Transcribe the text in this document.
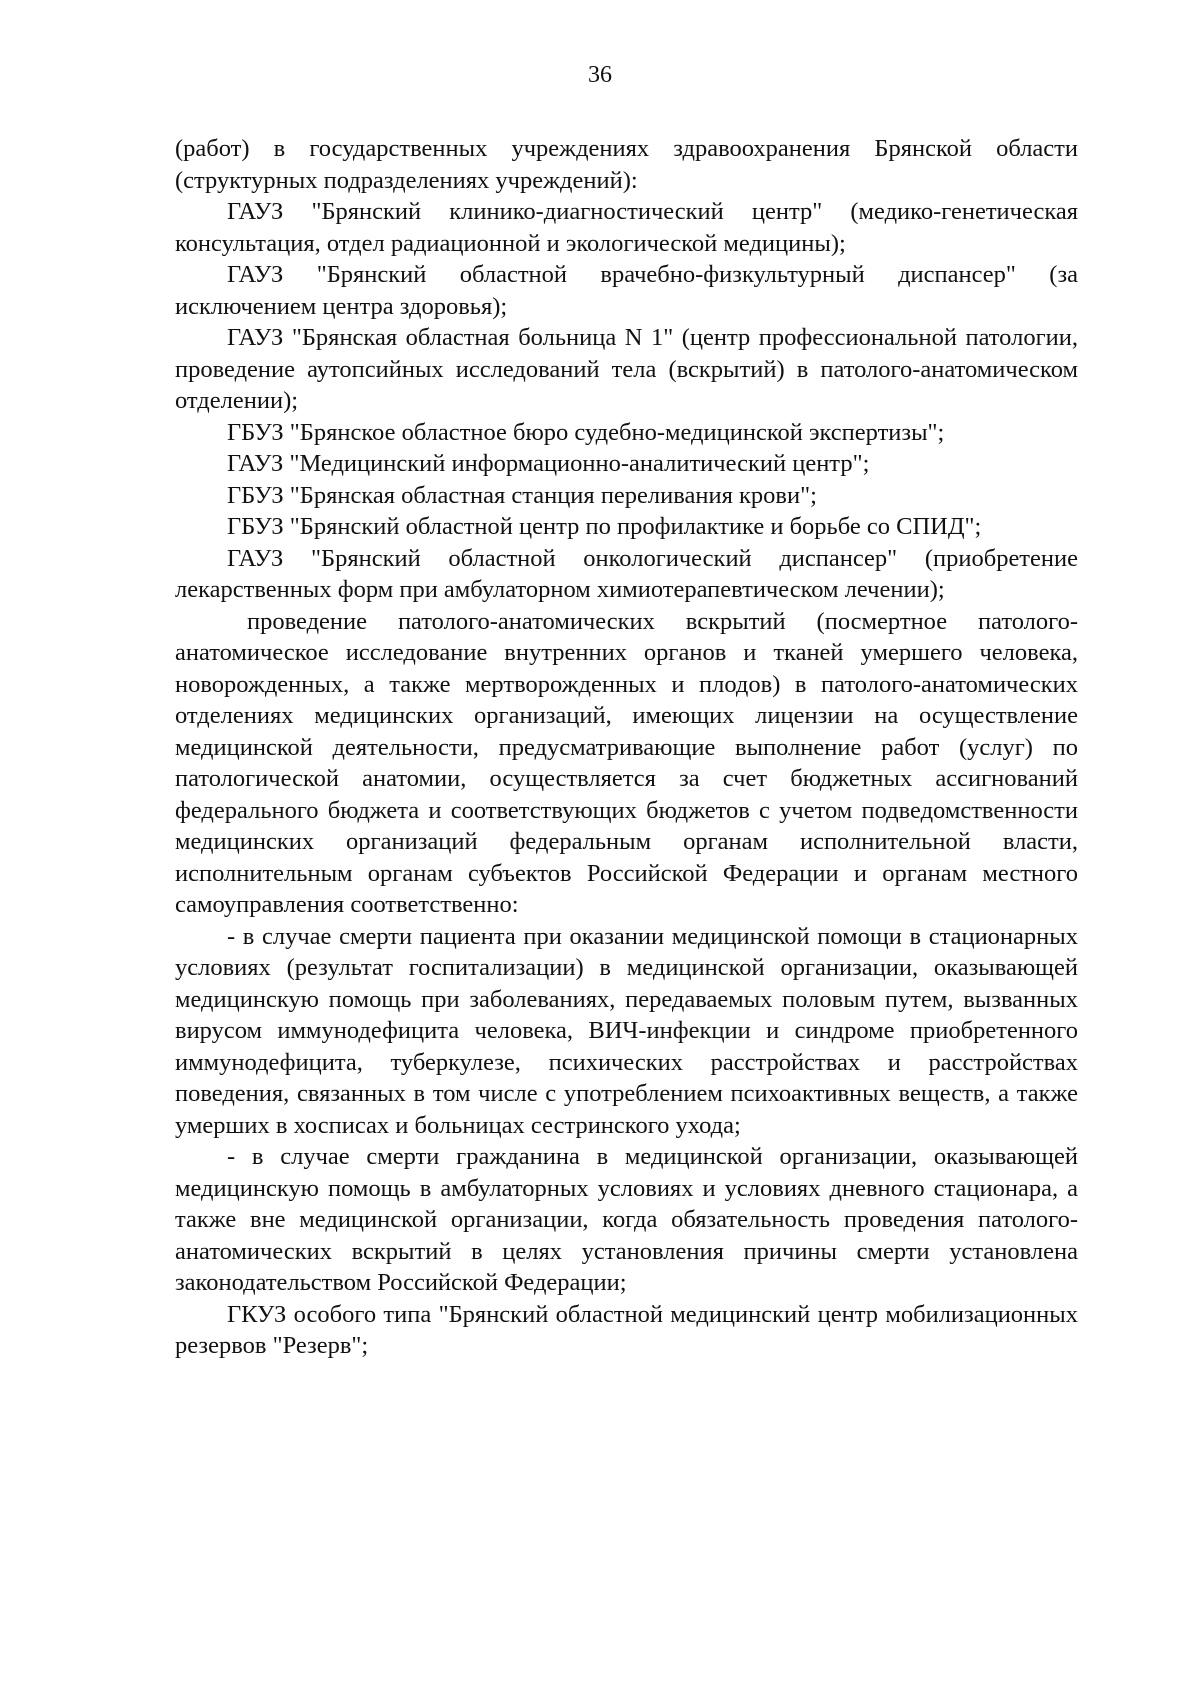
36

(работ) в государственных учреждениях здравоохранения Брянской области (структурных подразделениях учреждений):

ГАУЗ "Брянский клинико-диагностический центр" (медико-генетическая консультация, отдел радиационной и экологической медицины);

ГАУЗ "Брянский областной врачебно-физкультурный диспансер" (за исключением центра здоровья);

ГАУЗ "Брянская областная больница N 1" (центр профессиональной патологии, проведение аутопсийных исследований тела (вскрытий) в патолого-анатомическом отделении);

ГБУЗ "Брянское областное бюро судебно-медицинской экспертизы";

ГАУЗ "Медицинский информационно-аналитический центр";

ГБУЗ "Брянская областная станция переливания крови";

ГБУЗ "Брянский областной центр по профилактике и борьбе со СПИД";

ГАУЗ "Брянский областной онкологический диспансер" (приобретение лекарственных форм при амбулаторном химиотерапевтическом лечении);

проведение патолого-анатомических вскрытий (посмертное патолого-анатомическое исследование внутренних органов и тканей умершего человека, новорожденных, а также мертворожденных и плодов) в патолого-анатомических отделениях медицинских организаций, имеющих лицензии на осуществление медицинской деятельности, предусматривающие выполнение работ (услуг) по патологической анатомии, осуществляется за счет бюджетных ассигнований федерального бюджета и соответствующих бюджетов с учетом подведомственности медицинских организаций федеральным органам исполнительной власти, исполнительным органам субъектов Российской Федерации и органам местного самоуправления соответственно:

- в случае смерти пациента при оказании медицинской помощи в стационарных условиях (результат госпитализации) в медицинской организации, оказывающей медицинскую помощь при заболеваниях, передаваемых половым путем, вызванных вирусом иммунодефицита человека, ВИЧ-инфекции и синдроме приобретенного иммунодефицита, туберкулезе, психических расстройствах и расстройствах поведения, связанных в том числе с употреблением психоактивных веществ, а также умерших в хосписах и больницах сестринского ухода;

- в случае смерти гражданина в медицинской организации, оказывающей медицинскую помощь в амбулаторных условиях и условиях дневного стационара, а также вне медицинской организации, когда обязательность проведения патолого-анатомических вскрытий в целях установления причины смерти установлена законодательством Российской Федерации;

ГКУЗ особого типа "Брянский областной медицинский центр мобилизационных резервов "Резерв";
